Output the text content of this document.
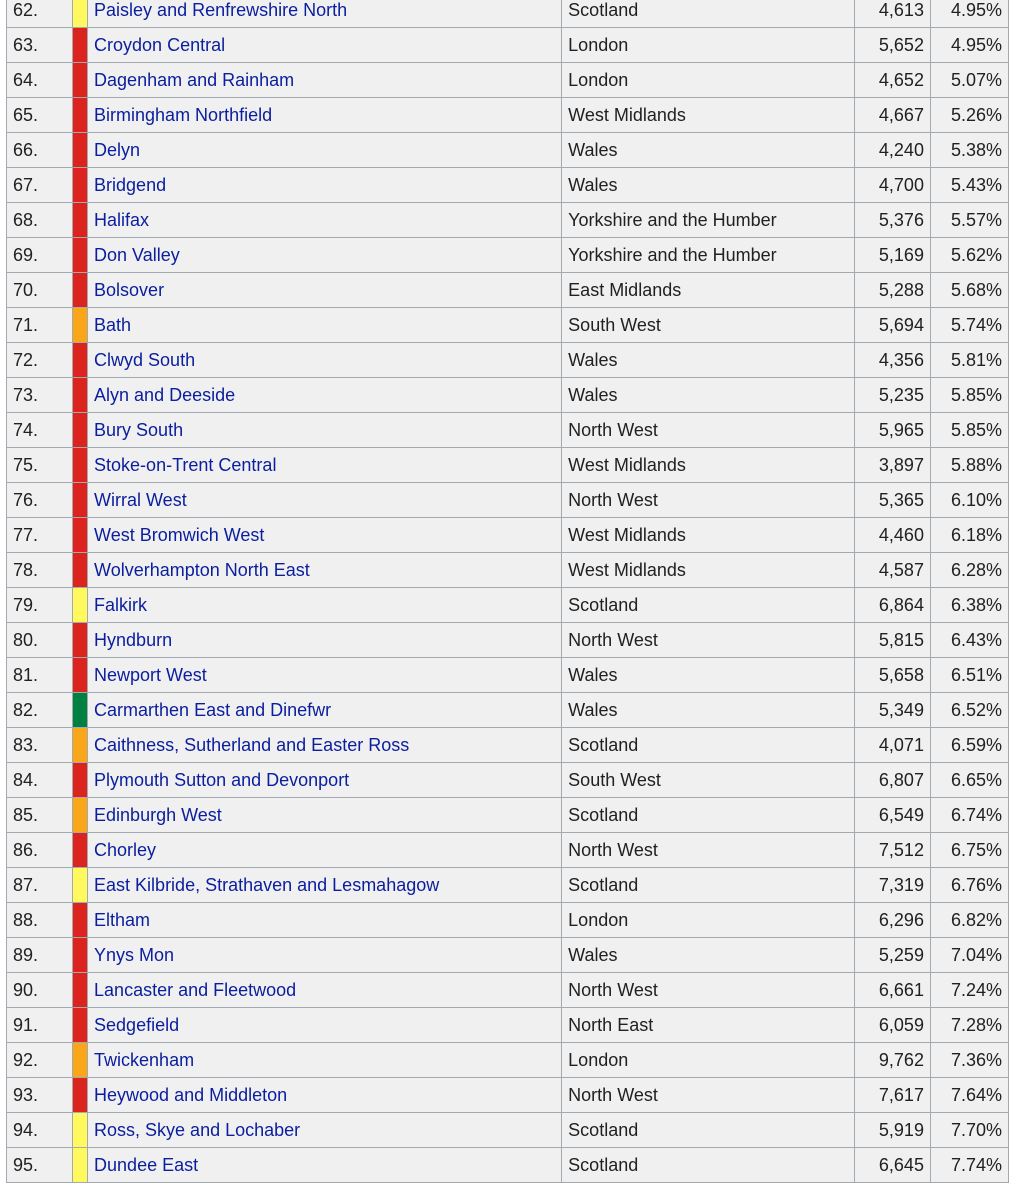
62.		Paisley and Renfrewshire North	Scotland	4,613	4.95%
63.		Croydon Central	London	5,652	4.95%
64.		Dagenham and Rainham	London	4,652	5.07%
65.		Birmingham Northfield	West Midlands	4,667	5.26%
66.		Delyn	Wales	4,240	5.38%
67.		Bridgend	Wales	4,700	5.43%
68.		Halifax	Yorkshire and the Humber	5,376	5.57%
69.		Don Valley	Yorkshire and the Humber	5,169	5.62%
70.		Bolsover	East Midlands	5,288	5.68%
71.		Bath	South West	5,694	5.74%
72.		Clwyd South	Wales	4,356	5.81%
73.		Alyn and Deeside	Wales	5,235	5.85%
74.		Bury South	North West	5,965	5.85%
75.		Stoke-on-Trent Central	West Midlands	3,897	5.88%
76.		Wirral West	North West	5,365	6.10%
77.		West Bromwich West	West Midlands	4,460	6.18%
78.		Wolverhampton North East	West Midlands	4,587	6.28%
79.		Falkirk	Scotland	6,864	6.38%
80.		Hyndburn	North West	5,815	6.43%
81.		Newport West	Wales	5,658	6.51%
82.		Carmarthen East and Dinefwr	Wales	5,349	6.52%
83.		Caithness, Sutherland and Easter Ross	Scotland	4,071	6.59%
84.		Plymouth Sutton and Devonport	South West	6,807	6.65%
85.		Edinburgh West	Scotland	6,549	6.74%
86.		Chorley	North West	7,512	6.75%
87.		East Kilbride, Strathaven and Lesmahagow	Scotland	7,319	6.76%
88.		Eltham	London	6,296	6.82%
89.		Ynys Mon	Wales	5,259	7.04%
90.		Lancaster and Fleetwood	North West	6,661	7.24%
91.		Sedgefield	North East	6,059	7.28%
92.		Twickenham	London	9,762	7.36%
93.		Heywood and Middleton	North West	7,617	7.64%
94.		Ross, Skye and Lochaber	Scotland	5,919	7.70%
95.		Dundee East	Scotland	6,645	7.74%
